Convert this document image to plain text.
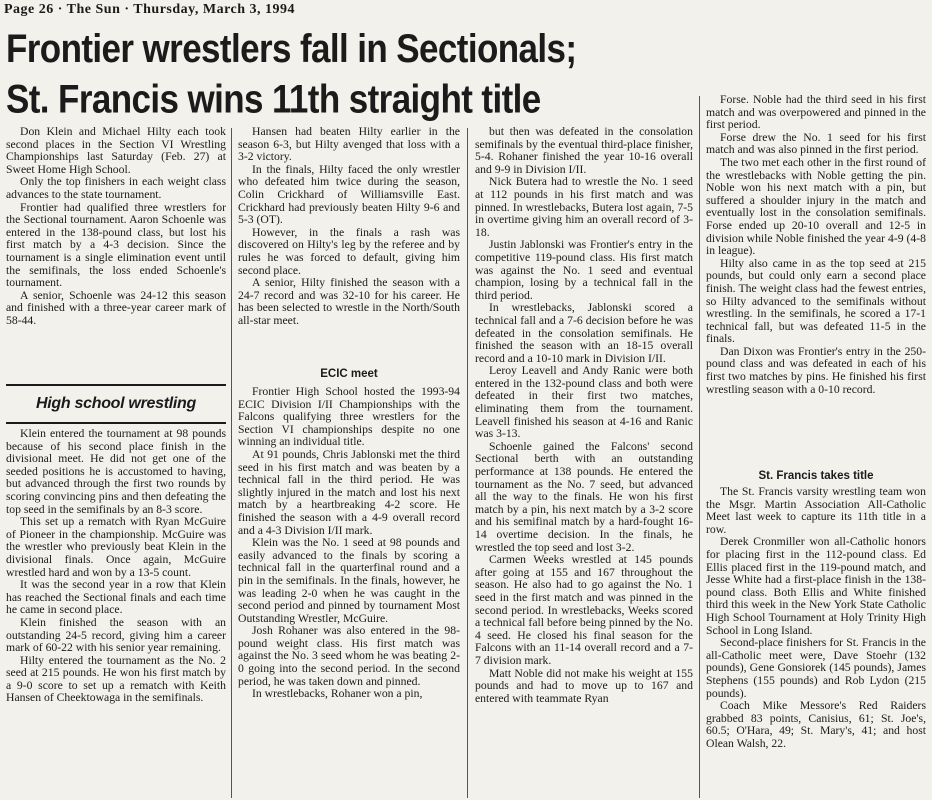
Page 26 · The Sun · Thursday, March 3, 1994
Frontier wrestlers fall in Sectionals;
St. Francis wins 11th straight title

Don Klein and Michael Hilty each took second places in the Section VI Wrestling Championships last Saturday (Feb. 27) at Sweet Home High School.

Only the top finishers in each weight class advances to the state tournament.

Frontier had qualified three wrestlers for the Sectional tournament. Aaron Schoenle was entered in the 138-pound class, but lost his first match by a 4-3 decision. Since the tournament is a single elimination event until the semifinals, the loss ended Schoenle's tournament.

A senior, Schoenle was 24-12 this season and finished with a three-year career mark of 58-44.

High school wrestling

Klein entered the tournament at 98 pounds because of his second place finish in the divisional meet. He did not get one of the seeded positions he is accustomed to having, but advanced through the first two rounds by scoring convincing pins and then defeating the top seed in the semifinals by an 8-3 score.

This set up a rematch with Ryan McGuire of Pioneer in the championship. McGuire was the wrestler who previously beat Klein in the divisional finals. Once again, McGuire wrestled hard and won by a 13-5 count.

It was the second year in a row that Klein has reached the Sectional finals and each time he came in second place.

Klein finished the season with an outstanding 24-5 record, giving him a career mark of 60-22 with his senior year remaining.

Hilty entered the tournament as the No. 2 seed at 215 pounds. He won his first match by a 9-0 score to set up a rematch with Keith Hansen of Cheektowaga in the semifinals.

Hansen had beaten Hilty earlier in the season 6-3, but Hilty avenged that loss with a 3-2 victory.

In the finals, Hilty faced the only wrestler who defeated him twice during the season, Colin Crickhard of Williamsville East. Crickhard had previously beaten Hilty 9-6 and 5-3 (OT).

However, in the finals a rash was discovered on Hilty's leg by the referee and by rules he was forced to default, giving him second place.

A senior, Hilty finished the season with a 24-7 record and was 32-10 for his career. He has been selected to wrestle in the North/South all-star meet.

ECIC meet

Frontier High School hosted the 1993-94 ECIC Division I/II Championships with the Falcons qualifying three wrestlers for the Section VI championships despite no one winning an individual title.

At 91 pounds, Chris Jablonski met the third seed in his first match and was beaten by a technical fall in the third period. He was slightly injured in the match and lost his next match by a heartbreaking 4-2 score. He finished the season with a 4-9 overall record and a 4-3 Division I/II mark.

Klein was the No. 1 seed at 98 pounds and easily advanced to the finals by scoring a technical fall in the quarterfinal round and a pin in the semifinals. In the finals, however, he was leading 2-0 when he was caught in the second period and pinned by tournament Most Outstanding Wrestler, McGuire.

Josh Rohaner was also entered in the 98-pound weight class. His first match was against the No. 3 seed whom he was beating 2-0 going into the second period. In the second period, he was taken down and pinned.

In wrestlebacks, Rohaner won a pin,

but then was defeated in the consolation semifinals by the eventual third-place finisher, 5-4. Rohaner finished the year 10-16 overall and 9-9 in Division I/II.

Nick Butera had to wrestle the No. 1 seed at 112 pounds in his first match and was pinned. In wrestlebacks, Butera lost again, 7-5 in overtime giving him an overall record of 3-18.

Justin Jablonski was Frontier's entry in the competitive 119-pound class. His first match was against the No. 1 seed and eventual champion, losing by a technical fall in the third period.

In wrestlebacks, Jablonski scored a technical fall and a 7-6 decision before he was defeated in the consolation semifinals. He finished the season with an 18-15 overall record and a 10-10 mark in Division I/II.

Leroy Leavell and Andy Ranic were both entered in the 132-pound class and both were defeated in their first two matches, eliminating them from the tournament. Leavell finished his season at 4-16 and Ranic was 3-13.

Schoenle gained the Falcons' second Sectional berth with an outstanding performance at 138 pounds. He entered the tournament as the No. 7 seed, but advanced all the way to the finals. He won his first match by a pin, his next match by a 3-2 score and his semifinal match by a hard-fought 16-14 overtime decision. In the finals, he wrestled the top seed and lost 3-2.

Carmen Weeks wrestled at 145 pounds after going at 155 and 167 throughout the season. He also had to go against the No. 1 seed in the first match and was pinned in the second period. In wrestlebacks, Weeks scored a technical fall before being pinned by the No. 4 seed. He closed his final season for the Falcons with an 11-14 overall record and a 7-7 division mark.

Matt Noble did not make his weight at 155 pounds and had to move up to 167 and entered with teammate Ryan

Forse. Noble had the third seed in his first match and was overpowered and pinned in the first period.

Forse drew the No. 1 seed for his first match and was also pinned in the first period.

The two met each other in the first round of the wrestlebacks with Noble getting the pin. Noble won his next match with a pin, but suffered a shoulder injury in the match and eventually lost in the consolation semifinals. Forse ended up 20-10 overall and 12-5 in division while Noble finished the year 4-9 (4-8 in league).

Hilty also came in as the top seed at 215 pounds, but could only earn a second place finish. The weight class had the fewest entries, so Hilty advanced to the semifinals without wrestling. In the semifinals, he scored a 17-1 technical fall, but was defeated 11-5 in the finals.

Dan Dixon was Frontier's entry in the 250-pound class and was defeated in each of his first two matches by pins. He finished his first wrestling season with a 0-10 record.

St. Francis takes title

The St. Francis varsity wrestling team won the Msgr. Martin Association All-Catholic Meet last week to capture its 11th title in a row.

Derek Cronmiller won all-Catholic honors for placing first in the 112-pound class. Ed Ellis placed first in the 119-pound match, and Jesse White had a first-place finish in the 138-pound class. Both Ellis and White finished third this week in the New York State Catholic High School Tournament at Holy Trinity High School in Long Island.

Second-place finishers for St. Francis in the all-Catholic meet were, Dave Stoehr (132 pounds), Gene Gonsiorek (145 pounds), James Stephens (155 pounds) and Rob Lydon (215 pounds).

Coach Mike Messore's Red Raiders grabbed 83 points, Canisius, 61; St. Joe's, 60.5; O'Hara, 49; St. Mary's, 41; and host Olean Walsh, 22.
